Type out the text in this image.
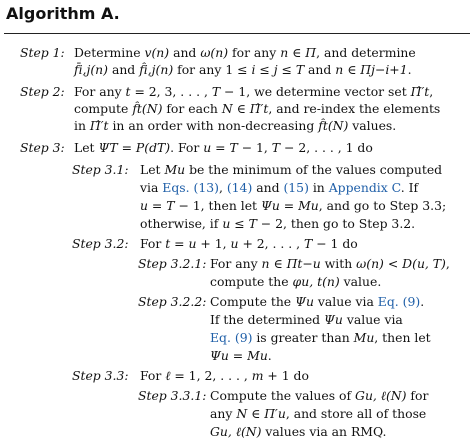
Algorithm A.
Step 1: Determine v(n) and ω(n) for any n ∈ Π, and determine
f̄i,j(n) and f̂i,j(n) for any 1 ≤ i ≤ j ≤ T and n ∈ Πj−i+1.
Step 2: For any t = 2, 3, . . . , T − 1, we determine vector set Π̂′t,
compute f̂t(N) for each N ∈ Π̂′t, and re-index the elements
in Π̂′t in an order with non-decreasing f̂t(N) values.
Step 3: Let ΨT = P(dT). For u = T − 1, T − 2, . . . , 1 do
Step 3.1: Let Mu be the minimum of the values computed
via Eqs. (13), (14) and (15) in Appendix C. If
u = T − 1, then let Ψu = Mu, and go to Step 3.3;
otherwise, if u ≤ T − 2, then go to Step 3.2.
Step 3.2: For t = u + 1, u + 2, . . . , T − 1 do
Step 3.2.1: For any n ∈ Πt−u with ω(n) < D(u, T),
compute the φu, t(n) value.
Step 3.2.2: Compute the Ψu value via Eq. (9).
If the determined Ψu value via
Eq. (9) is greater than Mu, then let
Ψu = Mu.
Step 3.3: For ℓ = 1, 2, . . . , m + 1 do
Step 3.3.1: Compute the values of Gu, ℓ(N) for
any N ∈ Π′u, and store all of those
Gu, ℓ(N) values via an RMQ.
